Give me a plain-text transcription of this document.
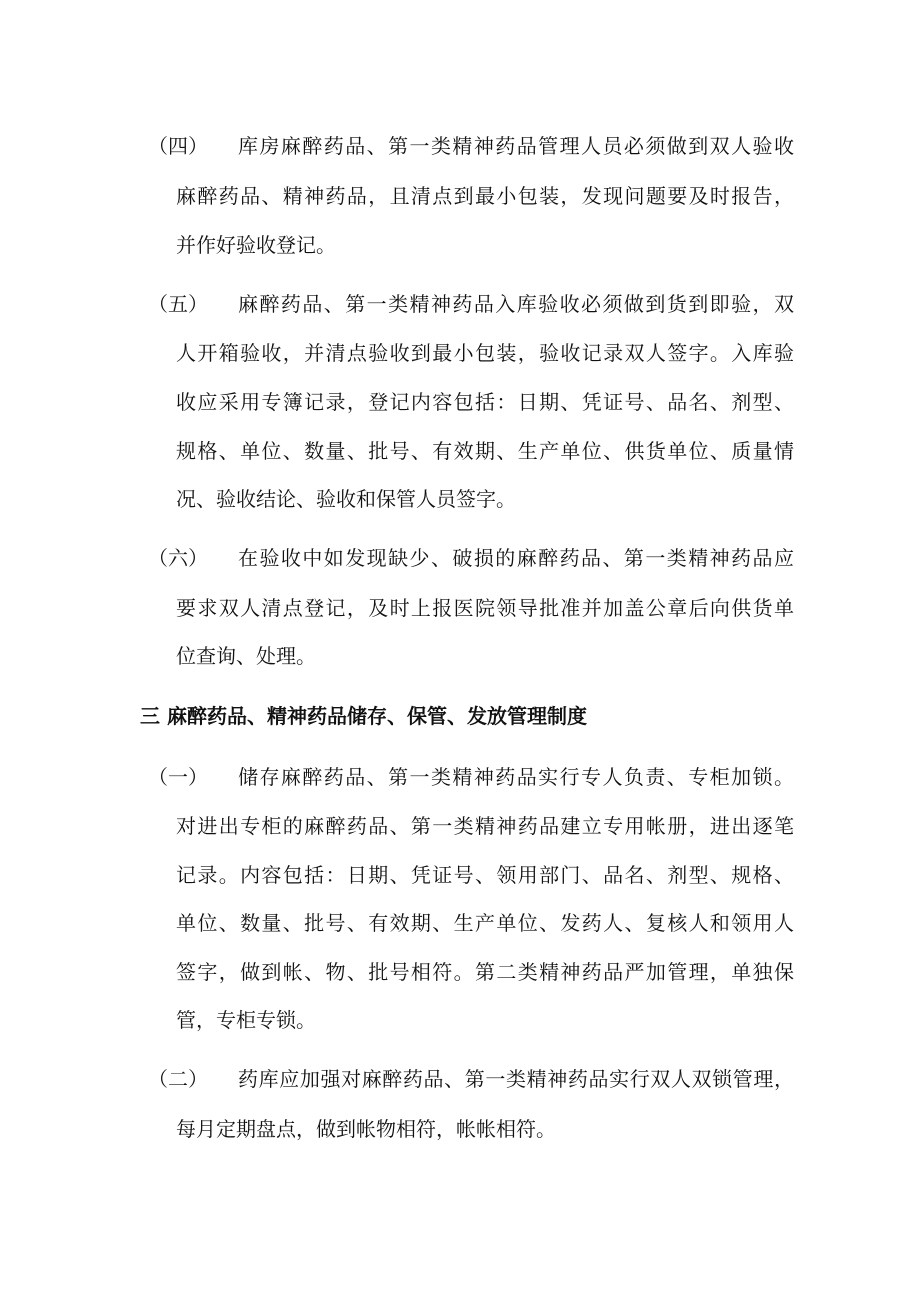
（四） 库房麻醉药品、第一类精神药品管理人员必须做到双人验收
麻醉药品、精神药品，且清点到最小包装，发现问题要及时报告，
并作好验收登记。
（五） 麻醉药品、第一类精神药品入库验收必须做到货到即验，双
人开箱验收，并清点验收到最小包装，验收记录双人签字。入库验
收应采用专簿记录，登记内容包括：日期、凭证号、品名、剂型、
规格、单位、数量、批号、有效期、生产单位、供货单位、质量情
况、验收结论、验收和保管人员签字。
（六） 在验收中如发现缺少、破损的麻醉药品、第一类精神药品应
要求双人清点登记，及时上报医院领导批准并加盖公章后向供货单
位查询、处理。
三 麻醉药品、精神药品储存、保管、发放管理制度
（一） 储存麻醉药品、第一类精神药品实行专人负责、专柜加锁。
对进出专柜的麻醉药品、第一类精神药品建立专用帐册，进出逐笔
记录。内容包括：日期、凭证号、领用部门、品名、剂型、规格、
单位、数量、批号、有效期、生产单位、发药人、复核人和领用人
签字，做到帐、物、批号相符。第二类精神药品严加管理，单独保
管，专柜专锁。
（二） 药库应加强对麻醉药品、第一类精神药品实行双人双锁管理，
每月定期盘点，做到帐物相符，帐帐相符。
